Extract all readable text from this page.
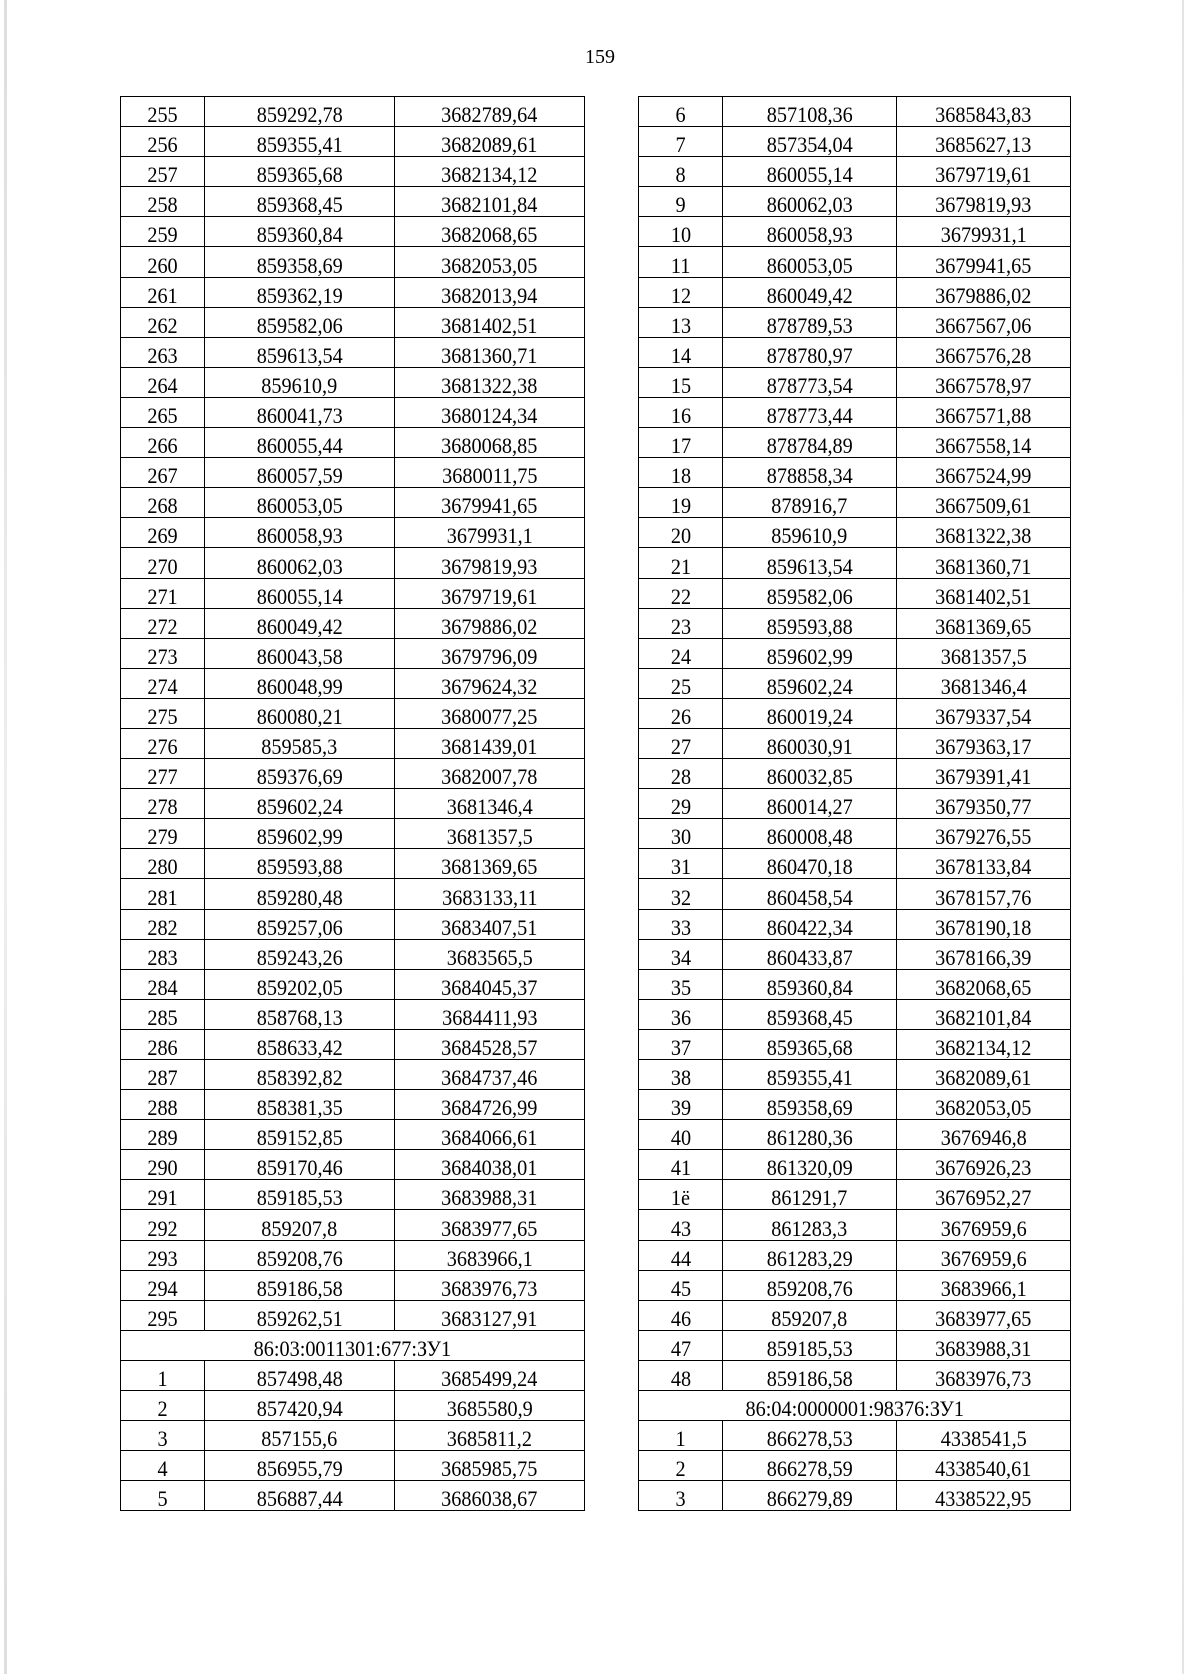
159
255	859292,78	3682789,64
256	859355,41	3682089,61
257	859365,68	3682134,12
258	859368,45	3682101,84
259	859360,84	3682068,65
260	859358,69	3682053,05
261	859362,19	3682013,94
262	859582,06	3681402,51
263	859613,54	3681360,71
264	859610,9	3681322,38
265	860041,73	3680124,34
266	860055,44	3680068,85
267	860057,59	3680011,75
268	860053,05	3679941,65
269	860058,93	3679931,1
270	860062,03	3679819,93
271	860055,14	3679719,61
272	860049,42	3679886,02
273	860043,58	3679796,09
274	860048,99	3679624,32
275	860080,21	3680077,25
276	859585,3	3681439,01
277	859376,69	3682007,78
278	859602,24	3681346,4
279	859602,99	3681357,5
280	859593,88	3681369,65
281	859280,48	3683133,11
282	859257,06	3683407,51
283	859243,26	3683565,5
284	859202,05	3684045,37
285	858768,13	3684411,93
286	858633,42	3684528,57
287	858392,82	3684737,46
288	858381,35	3684726,99
289	859152,85	3684066,61
290	859170,46	3684038,01
291	859185,53	3683988,31
292	859207,8	3683977,65
293	859208,76	3683966,1
294	859186,58	3683976,73
295	859262,51	3683127,91
86:03:0011301:677:ЗУ1		
1	857498,48	3685499,24
2	857420,94	3685580,9
3	857155,6	3685811,2
4	856955,79	3685985,75
5	856887,44	3686038,67
6	857108,36	3685843,83
7	857354,04	3685627,13
8	860055,14	3679719,61
9	860062,03	3679819,93
10	860058,93	3679931,1
11	860053,05	3679941,65
12	860049,42	3679886,02
13	878789,53	3667567,06
14	878780,97	3667576,28
15	878773,54	3667578,97
16	878773,44	3667571,88
17	878784,89	3667558,14
18	878858,34	3667524,99
19	878916,7	3667509,61
20	859610,9	3681322,38
21	859613,54	3681360,71
22	859582,06	3681402,51
23	859593,88	3681369,65
24	859602,99	3681357,5
25	859602,24	3681346,4
26	860019,24	3679337,54
27	860030,91	3679363,17
28	860032,85	3679391,41
29	860014,27	3679350,77
30	860008,48	3679276,55
31	860470,18	3678133,84
32	860458,54	3678157,76
33	860422,34	3678190,18
34	860433,87	3678166,39
35	859360,84	3682068,65
36	859368,45	3682101,84
37	859365,68	3682134,12
38	859355,41	3682089,61
39	859358,69	3682053,05
40	861280,36	3676946,8
41	861320,09	3676926,23
1ё	861291,7	3676952,27
43	861283,3	3676959,6
44	861283,29	3676959,6
45	859208,76	3683966,1
46	859207,8	3683977,65
47	859185,53	3683988,31
48	859186,58	3683976,73
86:04:0000001:98376:ЗУ1		
1	866278,53	4338541,5
2	866278,59	4338540,61
3	866279,89	4338522,95
